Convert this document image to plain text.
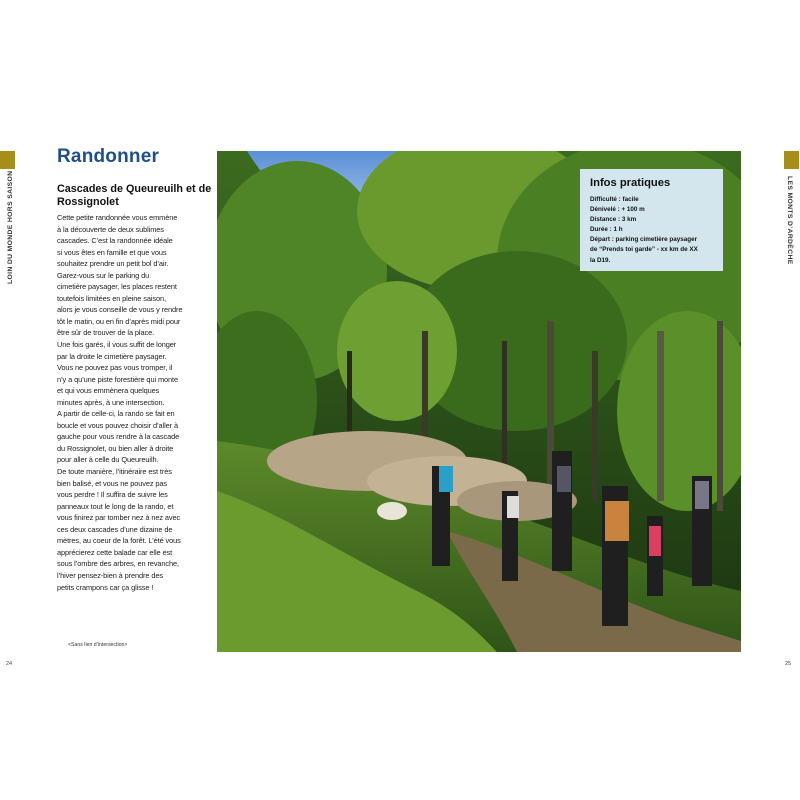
LOIN DU MONDE HORS SAISON
Randonner
Cascades de Queureuilh et de Rossignolet

Cette petite randonnée vous emmène
à la découverte de deux sublimes
cascades. C’est la randonnée idéale
si vous êtes en famille et que vous
souhaitez prendre un petit bol d’air.
Garez-vous sur le parking du
cimetière paysager, les places restent
toutefois limitées en pleine saison,
alors je vous conseille de vous y rendre
tôt le matin, ou en fin d’après midi pour
être sûr de trouver de la place.
Une fois garés, il vous suffit de longer
par la droite le cimetière paysager.
Vous ne pouvez pas vous tromper, il
n’y a qu’une piste forestière qui monte
et qui vous emmènera quelques
minutes après, à une intersection.
A partir de celle-ci, la rando se fait en
boucle et vous pouvez choisir d’aller à
gauche pour vous rendre à la cascade
du Rossignolet, ou bien aller à droite
pour aller à celle du Queureuilh.
De toute manière, l’itinéraire est très
bien balisé, et vous ne pouvez pas
vous perdre ! Il suffira de suivre les
panneaux tout le long de la rando, et
vous finirez par tomber nez à nez avec
ces deux cascades d’une dizaine de
mètres, au coeur de la forêt. L’été vous
apprécierez cette balade car elle est
sous l’ombre des arbres, en revanche,
l’hiver pensez-bien à prendre des
petits crampons car ça glisse !

<Sans lien d’intersection>
24
Infos pratiques
Difficulté : facile
Dénivelé : + 100 m
Distance : 3 km
Durée : 1 h
Départ : parking cimetière paysager
de “Prends toi garde” - xx km de XX
la D19.	LES MONTS D’ARDÈCHE
25
